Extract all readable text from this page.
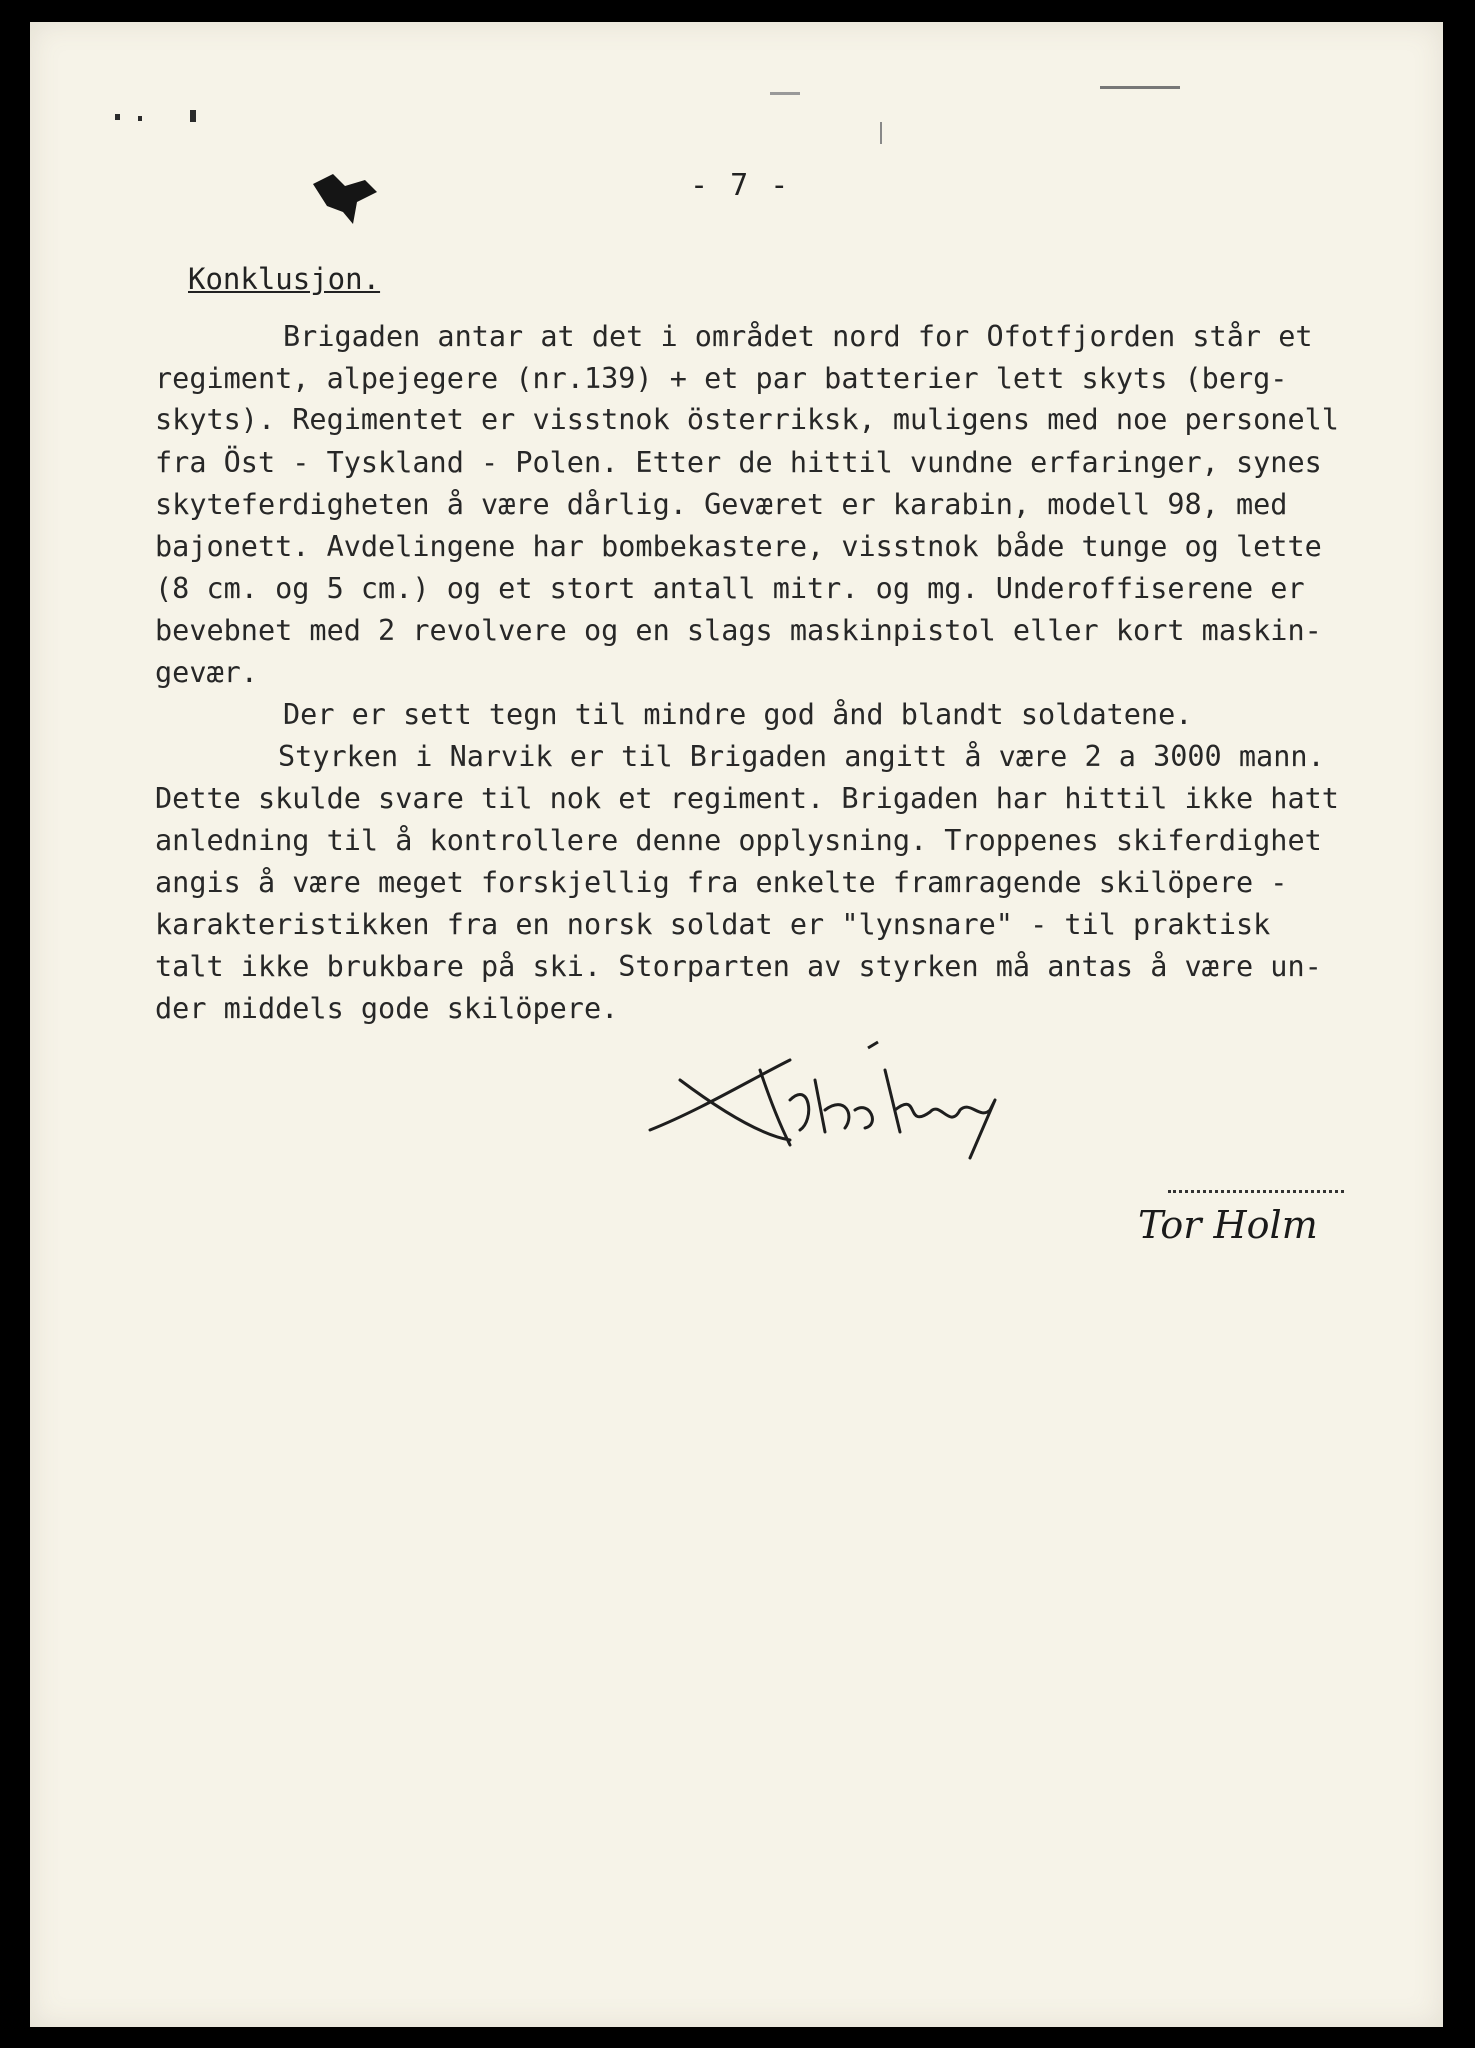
- 7 -
Konklusjon.
Brigaden antar at det i området nord for Ofotfjorden står et
regiment, alpejegere (nr.139) + et par batterier lett skyts (berg-
skyts). Regimentet er visstnok österriksk, muligens med noe personell
fra Öst - Tyskland - Polen. Etter de hittil vundne erfaringer, synes
skyteferdigheten å være dårlig. Geværet er karabin, modell 98, med
bajonett. Avdelingene har bombekastere, visstnok både tunge og lette
(8 cm. og 5 cm.) og et stort antall mitr. og mg. Underoffiserene er
bevebnet med 2 revolvere og en slags maskinpistol eller kort maskin-
gevær.
Der er sett tegn til mindre god ånd blandt soldatene.
Styrken i Narvik er til Brigaden angitt å være 2 a 3000 mann.
Dette skulde svare til nok et regiment. Brigaden har hittil ikke hatt
anledning til å kontrollere denne opplysning. Troppenes skiferdighet
angis å være meget forskjellig fra enkelte framragende skilöpere -
karakteristikken fra en norsk soldat er "lynsnare" - til praktisk
talt ikke brukbare på ski. Storparten av styrken må antas å være un-
der middels gode skilöpere.
Tor Holm
